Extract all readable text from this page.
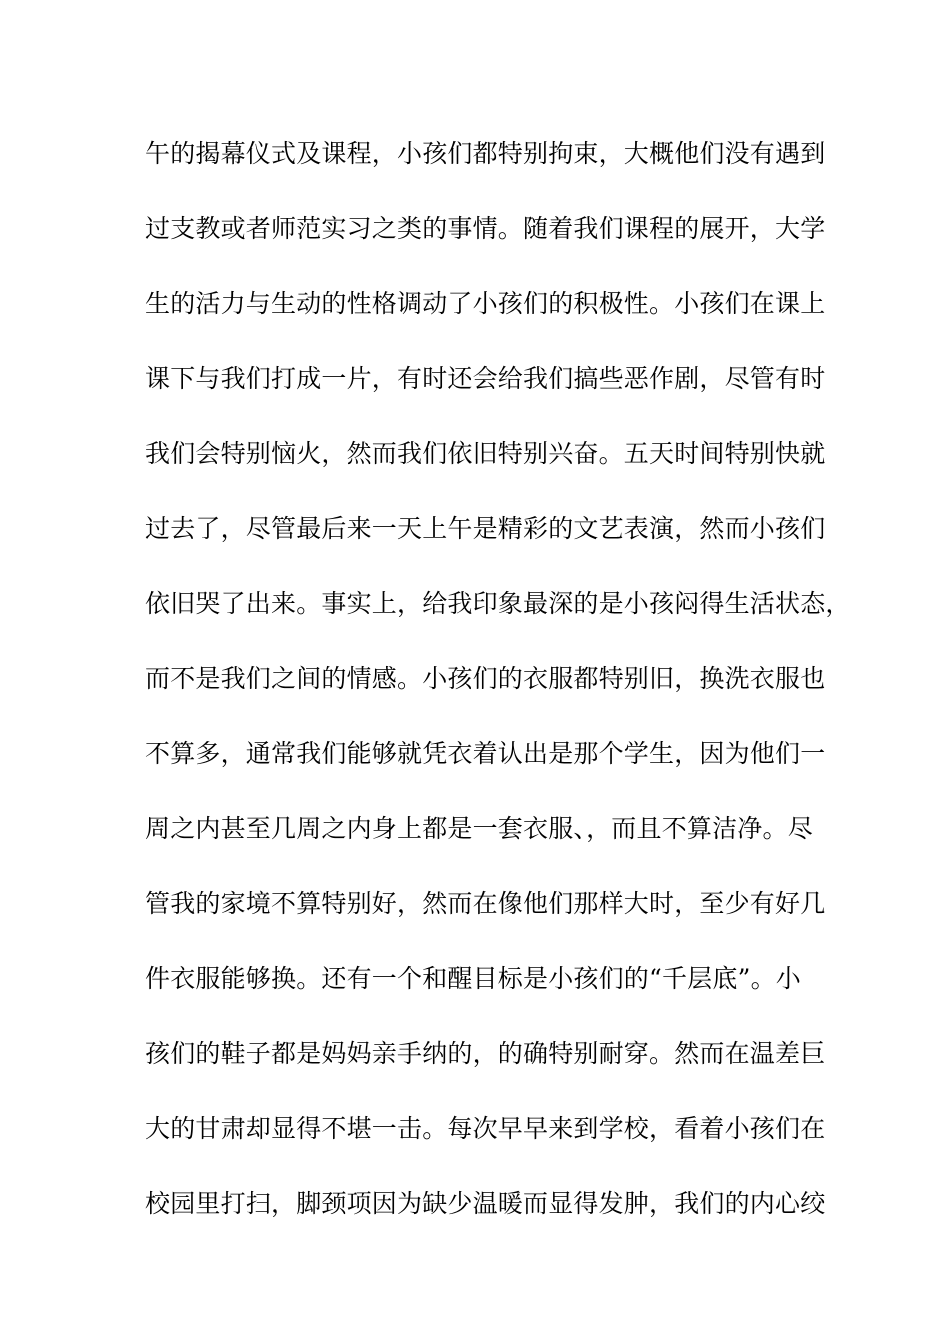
午的揭幕仪式及课程，小孩们都特别拘束，大概他们没有遇到
过支教或者师范实习之类的事情。随着我们课程的展开，大学
生的活力与生动的性格调动了小孩们的积极性。小孩们在课上
课下与我们打成一片，有时还会给我们搞些恶作剧，尽管有时
我们会特别恼火，然而我们依旧特别兴奋。五天时间特别快就
过去了，尽管最后来一天上午是精彩的文艺表演，然而小孩们
依旧哭了出来。事实上，给我印象最深的是小孩闷得生活状态，
而不是我们之间的情感。小孩们的衣服都特别旧，换洗衣服也
不算多，通常我们能够就凭衣着认出是那个学生，因为他们一
周之内甚至几周之内身上都是一套衣服、，而且不算洁净。尽
管我的家境不算特别好，然而在像他们那样大时，至少有好几
件衣服能够换。还有一个和醒目标是小孩们的“千层底”。小
孩们的鞋子都是妈妈亲手纳的，的确特别耐穿。然而在温差巨
大的甘肃却显得不堪一击。每次早早来到学校，看着小孩们在
校园里打扫，脚颈项因为缺少温暖而显得发肿，我们的内心绞
